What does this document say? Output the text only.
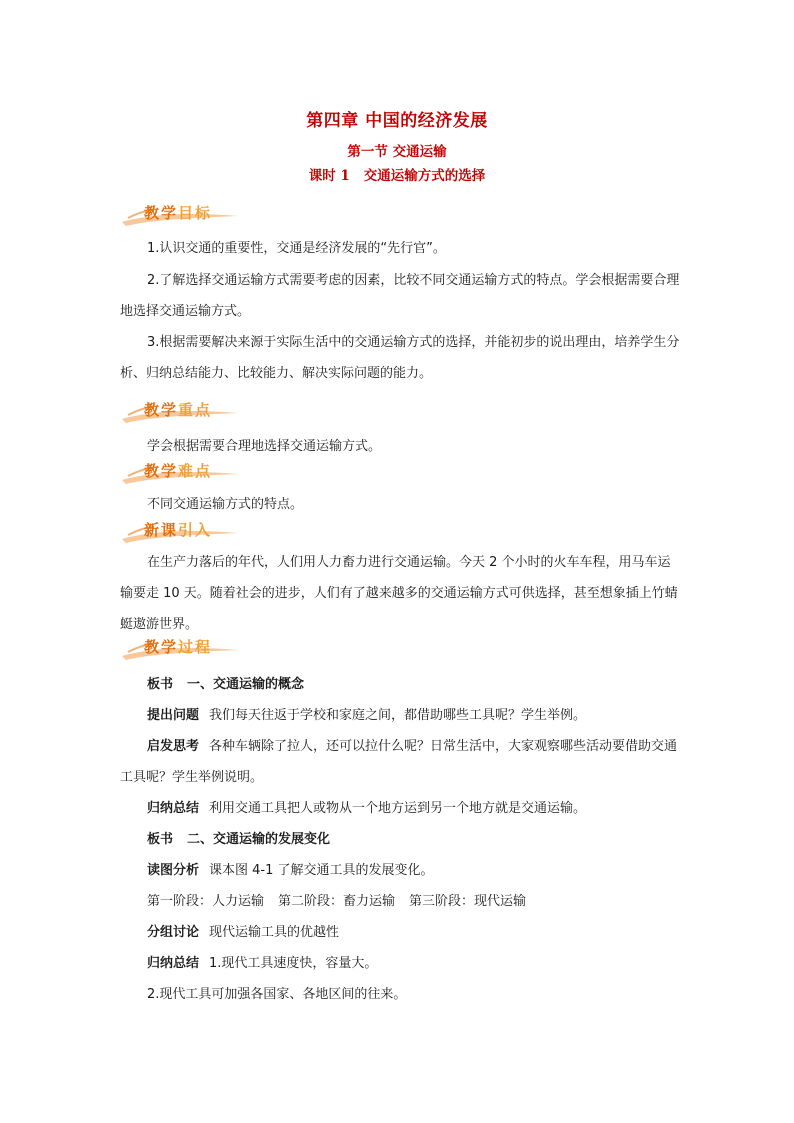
第四章 中国的经济发展
第一节 交通运输
课时 1 交通运输方式的选择
教学目标
1.认识交通的重要性，交通是经济发展的“先行官”。
2.了解选择交通运输方式需要考虑的因素，比较不同交通运输方式的特点。学会根据需要合理地选择交通运输方式。
3.根据需要解决来源于实际生活中的交通运输方式的选择，并能初步的说出理由，培养学生分析、归纳总结能力、比较能力、解决实际问题的能力。
教学重点
学会根据需要合理地选择交通运输方式。
教学难点
不同交通运输方式的特点。
新课引入
在生产力落后的年代，人们用人力畜力进行交通运输。今天 2 个小时的火车车程，用马车运输要走 10 天。随着社会的进步，人们有了越来越多的交通运输方式可供选择，甚至想象插上竹蜻蜓遨游世界。
教学过程
板书 一、交通运输的概念
提出问题 我们每天往返于学校和家庭之间，都借助哪些工具呢？学生举例。
启发思考 各种车辆除了拉人，还可以拉什么呢？日常生活中，大家观察哪些活动要借助交通工具呢？学生举例说明。
归纳总结 利用交通工具把人或物从一个地方运到另一个地方就是交通运输。
板书 二、交通运输的发展变化
读图分析 课本图 4-1 了解交通工具的发展变化。
第一阶段：人力运输 第二阶段：畜力运输 第三阶段：现代运输
分组讨论 现代运输工具的优越性
归纳总结 1.现代工具速度快，容量大。
2.现代工具可加强各国家、各地区间的往来。
